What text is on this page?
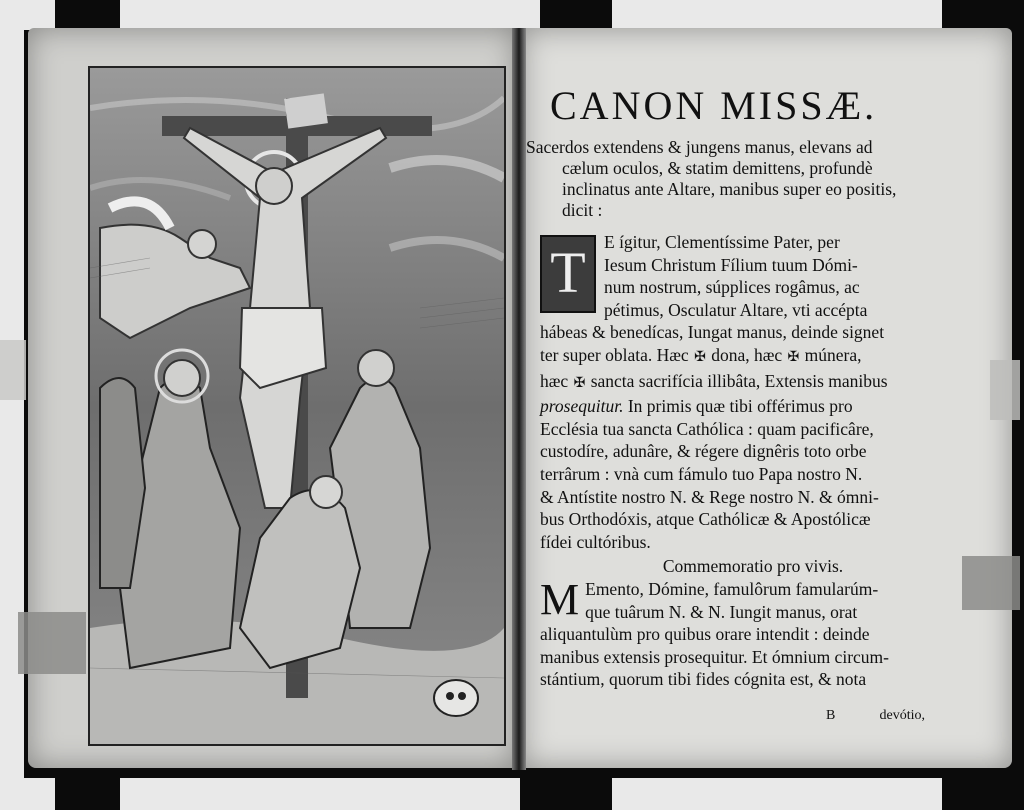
CANON MISSÆ.
Sacerdos extendens & jungens manus, elevans ad
cælum oculos, & statim demittens, profundè
inclinatus ante Altare, manibus super eo positis,
dicit :
T	E ígitur, Clementíssime Pater, per
Iesum Christum Fílium tuum Dómi-
num nostrum, súpplices rogâmus, ac
pétimus, Osculatur Altare, vti accépta
hábeas & benedícas, Iungat manus, deinde signet
ter super oblata. Hæc ✠ dona, hæc ✠ múnera,
hæc ✠ sancta sacrifícia illibâta, Extensis manibus
prosequitur. In primis quæ tibi offérimus pro
Ecclésia tua sancta Cathólica : quam pacificâre,
custodíre, adunâre, & régere dignêris toto orbe
terrârum : vnà cum fámulo tuo Papa nostro N.
& Antístite nostro N. & Rege nostro N. & ómni-
bus Orthodóxis, atque Cathólicæ & Apostólicæ
fídei cultóribus.
Commemoratio pro vivis.
M Emento, Dómine, famulôrum famularúm-
que tuârum N. & N. Iungit manus, orat
aliquantulùm pro quibus orare intendit : deinde
manibus extensis prosequitur. Et ómnium circum-
stántium, quorum tibi fides cógnita est, & nota
B	devótio,
